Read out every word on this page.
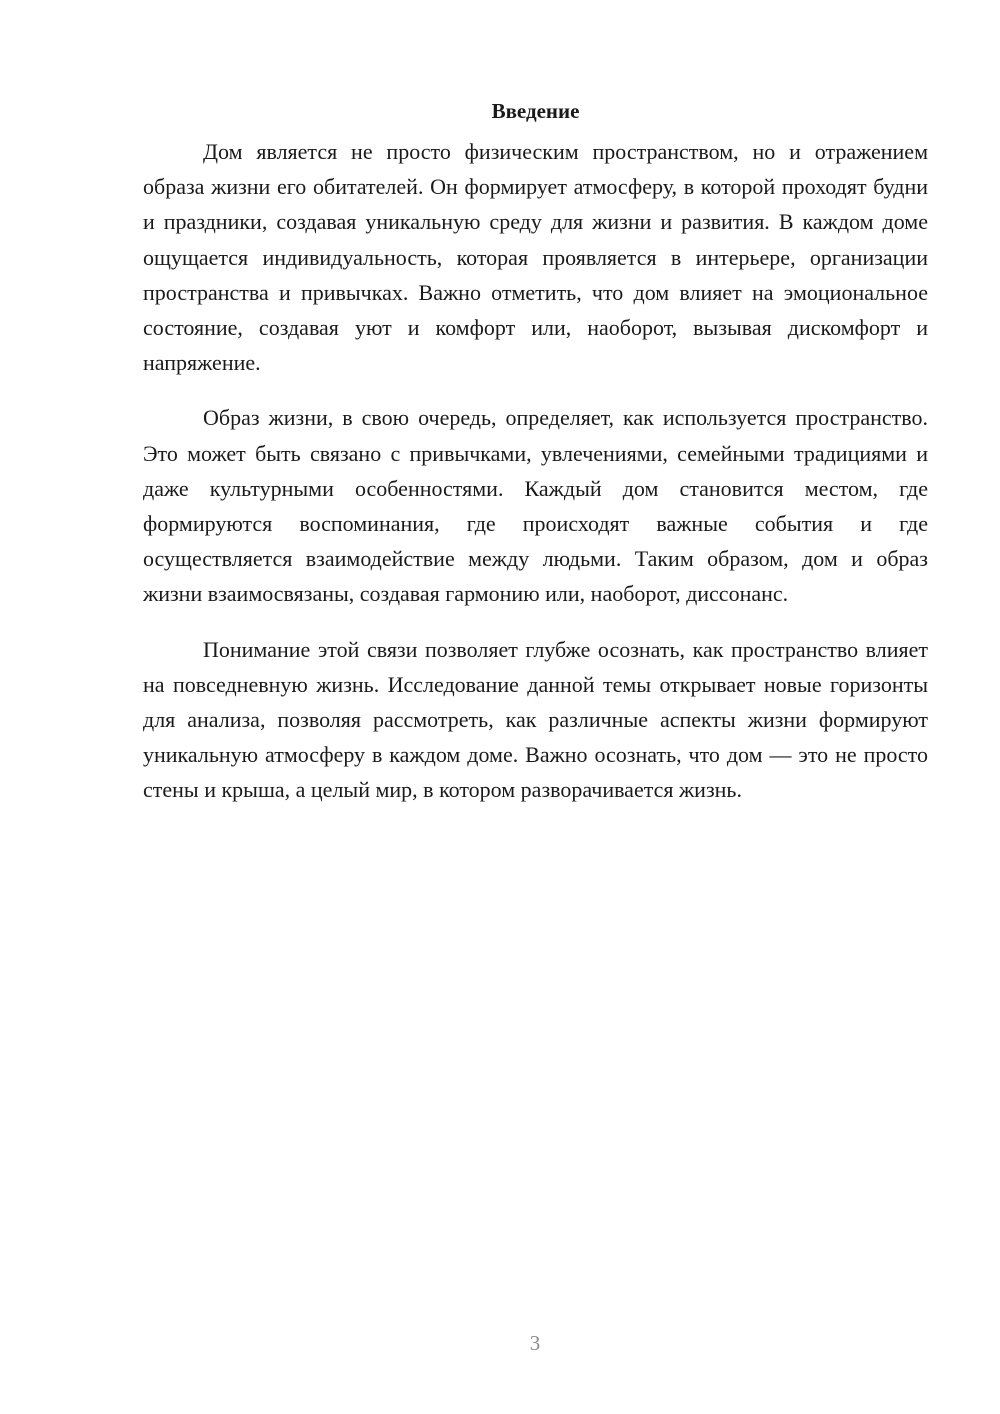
Введение

Дом является не просто физическим пространством, но и отражением образа жизни его обитателей. Он формирует атмосферу, в которой проходят будни и праздники, создавая уникальную среду для жизни и развития. В каждом доме ощущается индивидуальность, которая проявляется в интерьере, организации пространства и привычках. Важно отметить, что дом влияет на эмоциональное состояние, создавая уют и комфорт или, наоборот, вызывая дискомфорт и напряжение.

Образ жизни, в свою очередь, определяет, как используется пространство. Это может быть связано с привычками, увлечениями, семейными традициями и даже культурными особенностями. Каждый дом становится местом, где формируются воспоминания, где происходят важные события и где осуществляется взаимодействие между людьми. Таким образом, дом и образ жизни взаимосвязаны, создавая гармонию или, наоборот, диссонанс.

Понимание этой связи позволяет глубже осознать, как пространство влияет на повседневную жизнь. Исследование данной темы открывает новые горизонты для анализа, позволяя рассмотреть, как различные аспекты жизни формируют уникальную атмосферу в каждом доме. Важно осознать, что дом — это не просто стены и крыша, а целый мир, в котором разворачивается жизнь.

3
